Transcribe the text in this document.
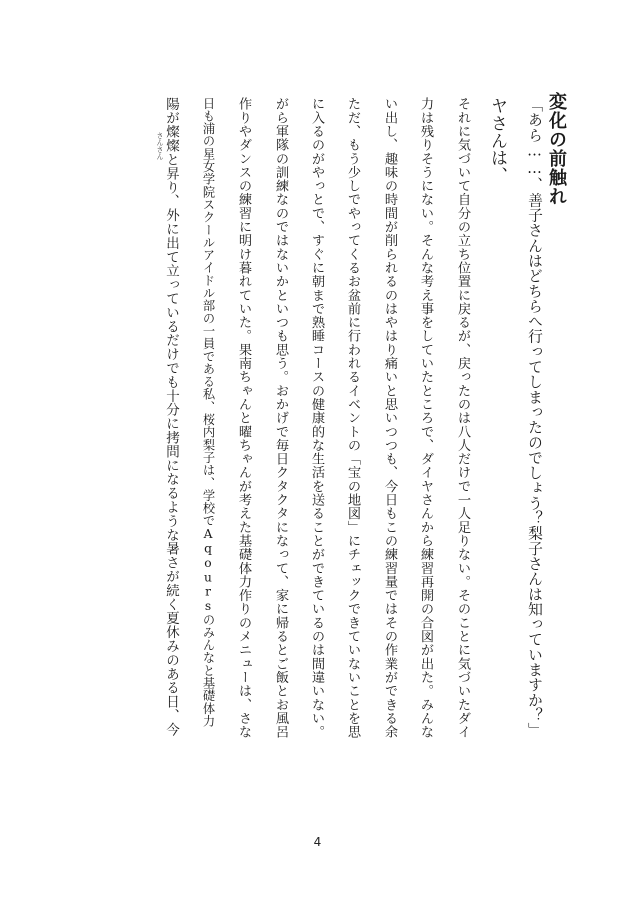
変化の前触れ
さんさん 陽が燦燦と昇り、外に出て立っているだけでも十分に拷問になるような暑さが続く夏休みのある日、今 日も浦の星女学院スクールアイドル部の一員である私、桜内梨子は、学校でAqoursのみんなと基礎体力 作りやダンスの練習に明け暮れていた。果南ちゃんと曜ちゃんが考えた基礎体力作りのメニューは、さな がら軍隊の訓練なのではないかといつも思う。おかげで毎日クタクタになって、家に帰るとご飯とお風呂 に入るのがやっとで、すぐに朝まで熟睡コースの健康的な生活を送ることができているのは間違いない。 ただ、もう少しでやってくるお盆前に行われるイベントの「宝の地図」にチェックできていないことを思 い出し、趣味の時間が削られるのはやはり痛いと思いつつも、今日もこの練習量ではその作業ができる余 力は残りそうにない。そんな考え事をしていたところで、ダイヤさんから練習再開の合図が出た。みんな それに気づいて自分の立ち位置に戻るが、戻ったのは八人だけで一人足りない。そのことに気づいたダイ ヤさんは、 「あら……、善子さんはどちらへ行ってしまったのでしょう？梨子さんは知っていますか？」
4
